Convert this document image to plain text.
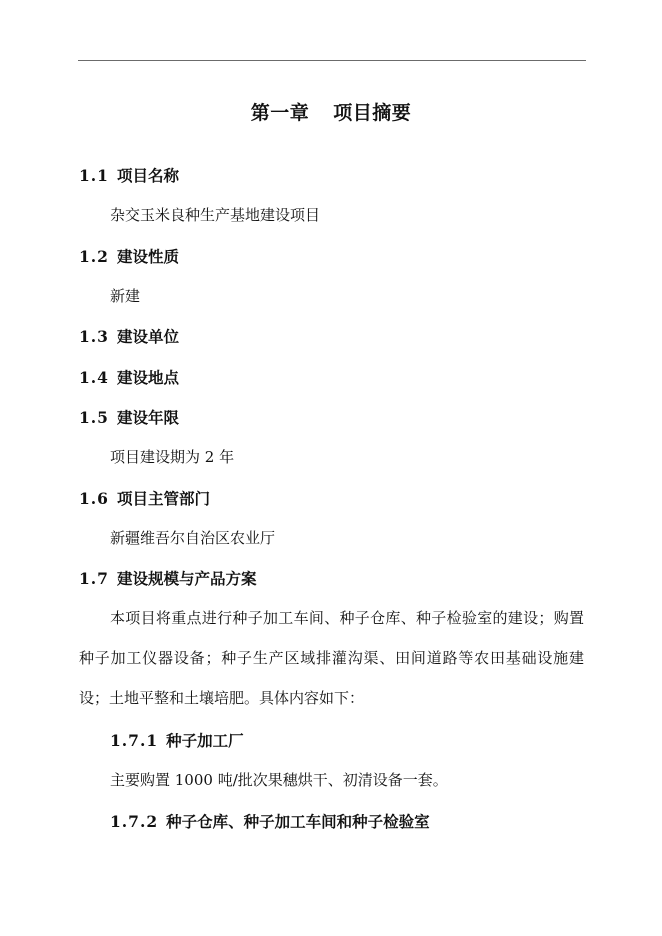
第一章 项目摘要
1.1 项目名称
杂交玉米良种生产基地建设项目
1.2 建设性质
新建
1.3 建设单位
1.4 建设地点
1.5 建设年限
项目建设期为 2 年
1.6 项目主管部门
新疆维吾尔自治区农业厅
1.7 建设规模与产品方案
本项目将重点进行种子加工车间、种子仓库、种子检验室的建设；购置种子加工仪器设备；种子生产区域排灌沟渠、田间道路等农田基础设施建设；土地平整和土壤培肥。具体内容如下：
1.7.1 种子加工厂
主要购置 1000 吨/批次果穗烘干、初清设备一套。
1.7.2 种子仓库、种子加工车间和种子检验室
